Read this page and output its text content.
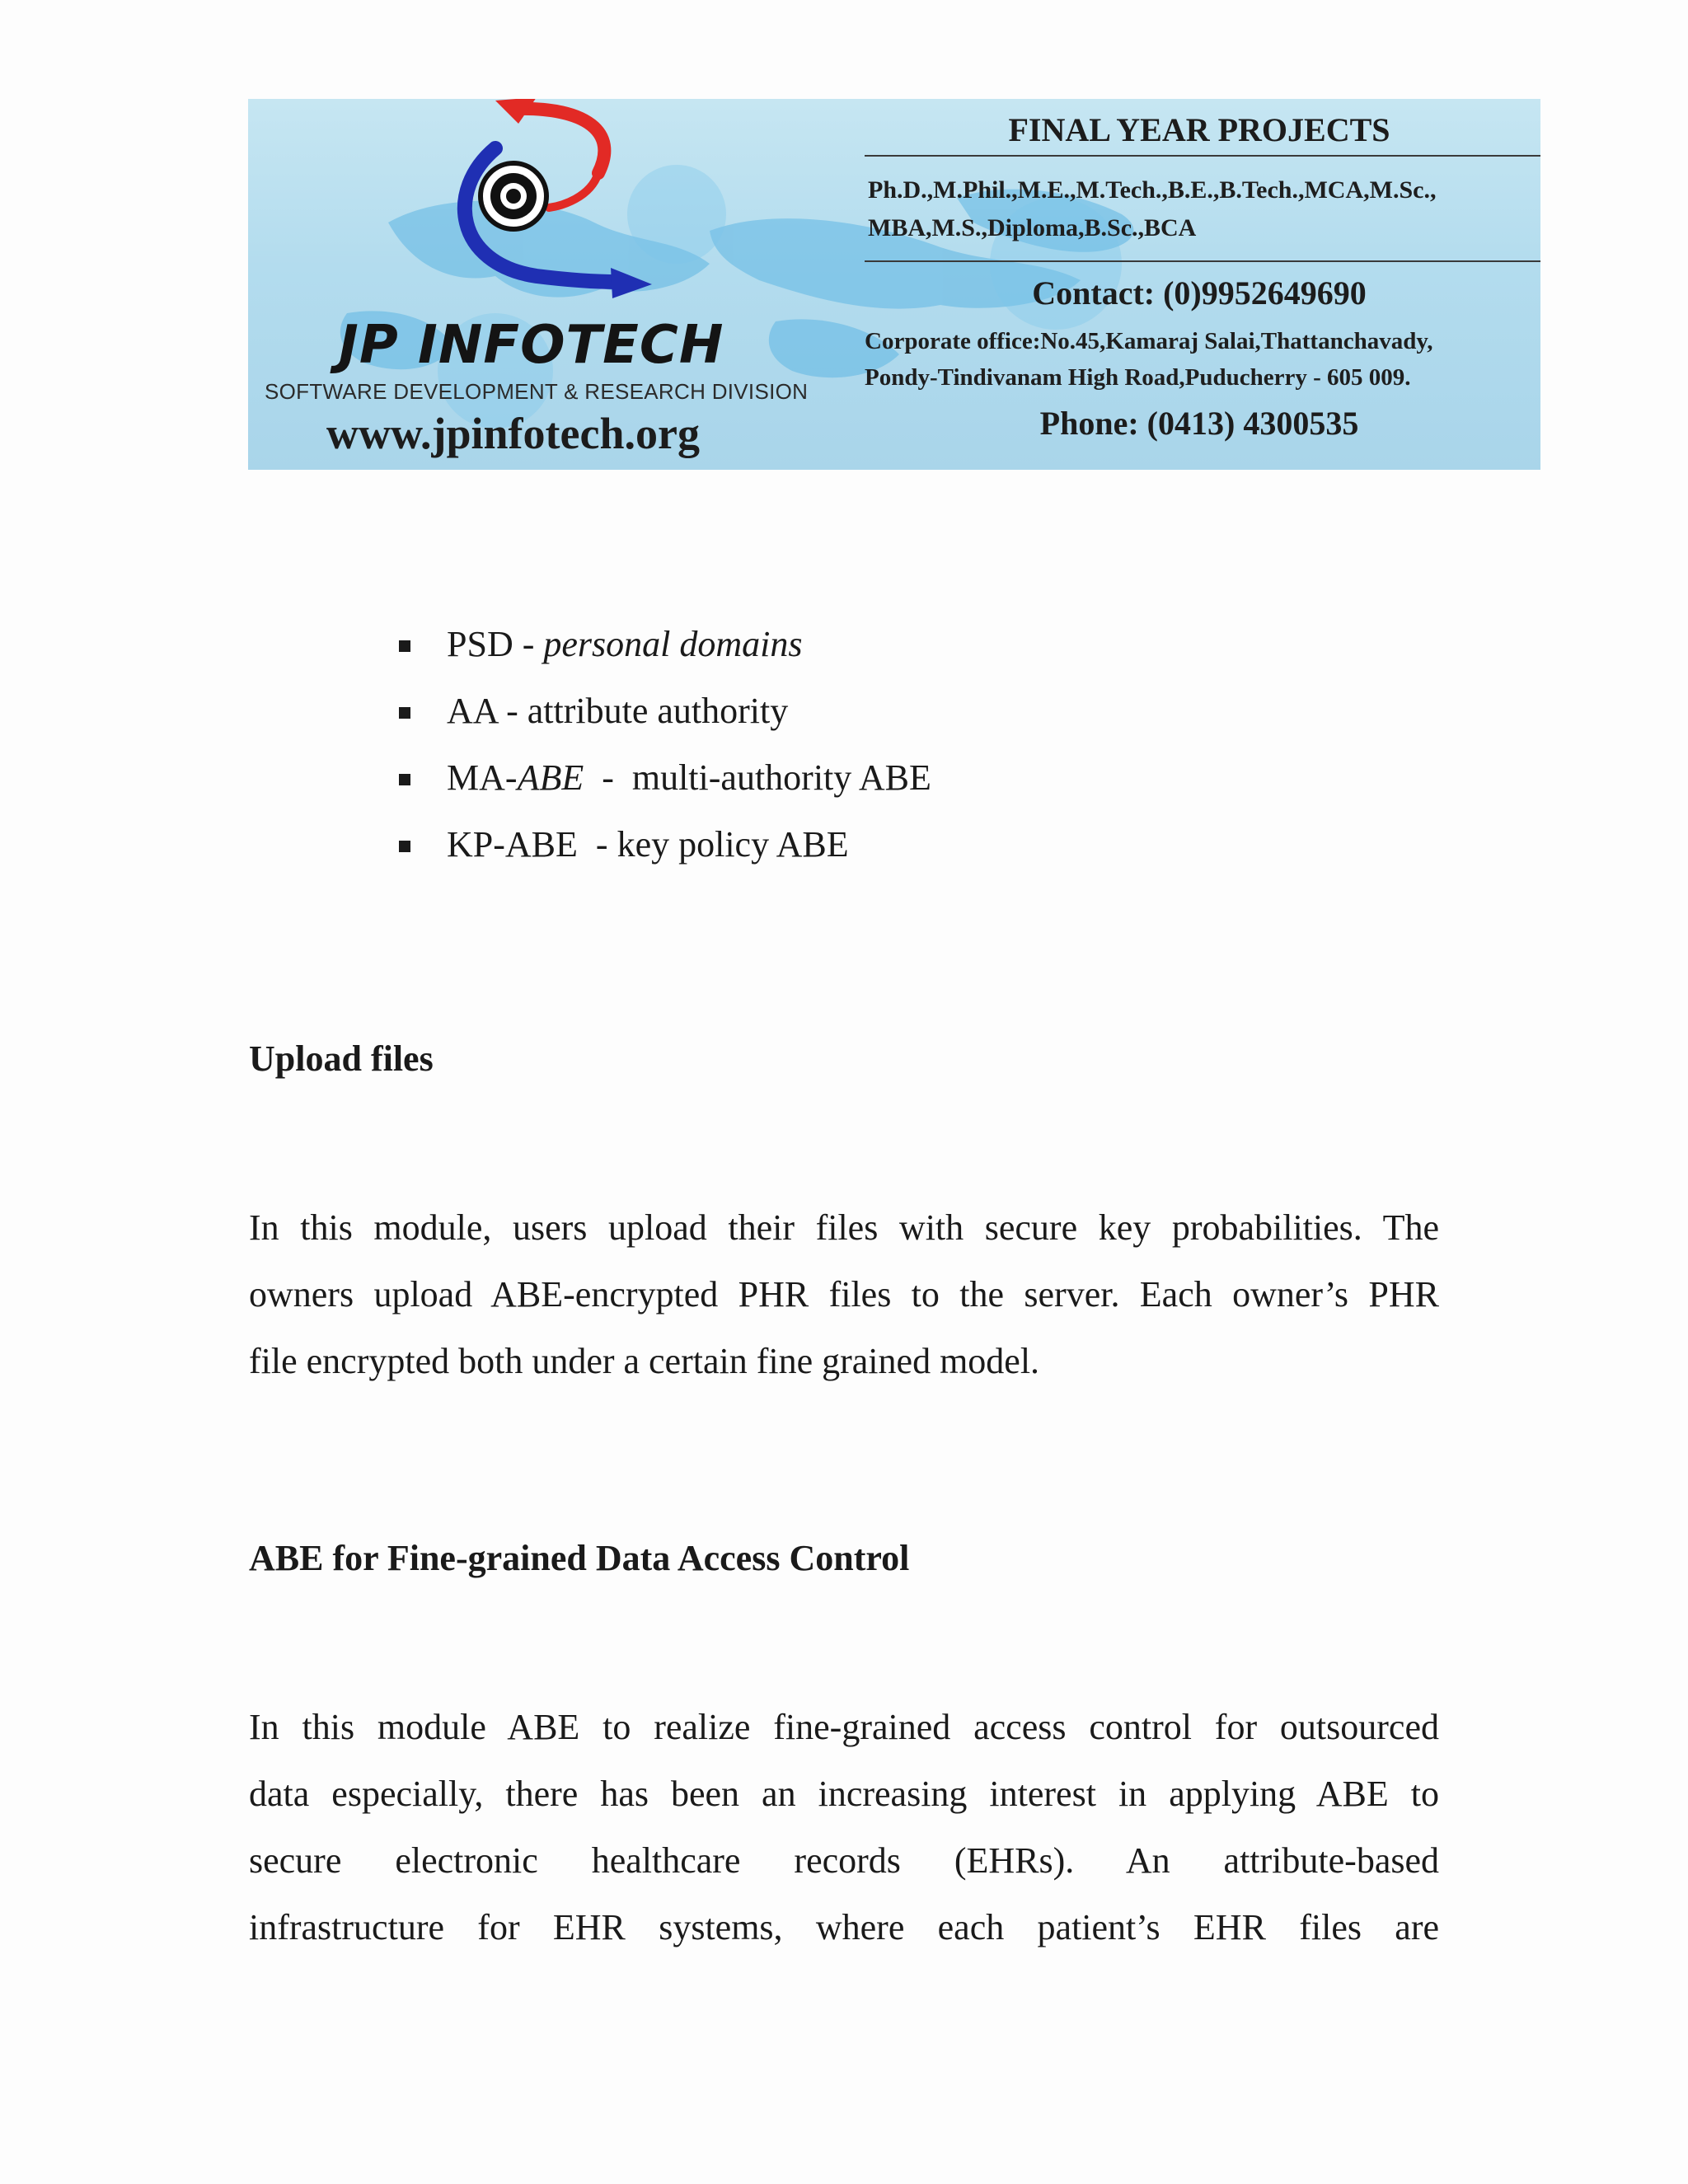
JP INFOTECH
SOFTWARE DEVELOPMENT & RESEARCH DIVISION
www.jpinfotech.org
FINAL YEAR PROJECTS
Ph.D.,M.Phil.,M.E.,M.Tech.,B.E.,B.Tech.,MCA,M.Sc.,
MBA,M.S.,Diploma,B.Sc.,BCA
Contact: (0)9952649690
Corporate office:No.45,Kamaraj Salai,Thattanchavady,
Pondy-Tindivanam High Road,Puducherry - 605 009.
Phone: (0413) 4300535
PSD - personal domains
AA - attribute authority
MA-ABE  -  multi-authority ABE
KP-ABE  - key policy ABE
Upload files
In this module, users upload their files with secure key probabilities. The
owners upload ABE-encrypted PHR files to the server. Each owner’s PHR
file encrypted both under a certain fine grained model.
ABE for Fine-grained Data Access Control
In this module ABE to realize fine-grained access control for outsourced
data especially, there has been an increasing interest in applying ABE to
secure electronic healthcare records (EHRs). An attribute-based
infrastructure for EHR systems, where each patient’s EHR files are
